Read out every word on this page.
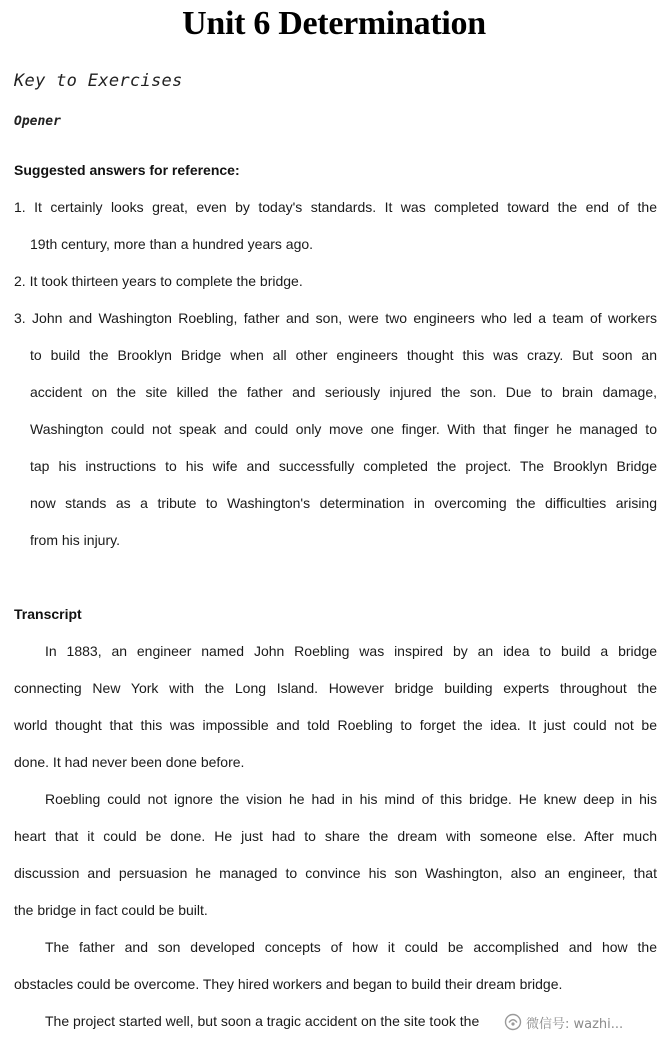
Unit 6 Determination
Key to Exercises
Opener
Suggested answers for reference:
1. It certainly looks great, even by today's standards. It was completed toward the end of the
19th century, more than a hundred years ago.
2. It took thirteen years to complete the bridge.
3. John and Washington Roebling, father and son, were two engineers who led a team of workers
to build the Brooklyn Bridge when all other engineers thought this was crazy. But soon an
accident on the site killed the father and seriously injured the son. Due to brain damage,
Washington could not speak and could only move one finger. With that finger he managed to
tap his instructions to his wife and successfully completed the project. The Brooklyn Bridge
now stands as a tribute to Washington's determination in overcoming the difficulties arising
from his injury.
Transcript
In 1883, an engineer named John Roebling was inspired by an idea to build a bridge
connecting New York with the Long Island. However bridge building experts throughout the
world thought that this was impossible and told Roebling to forget the idea. It just could not be
done. It had never been done before.
Roebling could not ignore the vision he had in his mind of this bridge. He knew deep in his
heart that it could be done. He just had to share the dream with someone else. After much
discussion and persuasion he managed to convince his son Washington, also an engineer, that
the bridge in fact could be built.
The father and son developed concepts of how it could be accomplished and how the
obstacles could be overcome. They hired workers and began to build their dream bridge.
The project started well, but soon a tragic accident on the site took the	微信号: wazhi...
